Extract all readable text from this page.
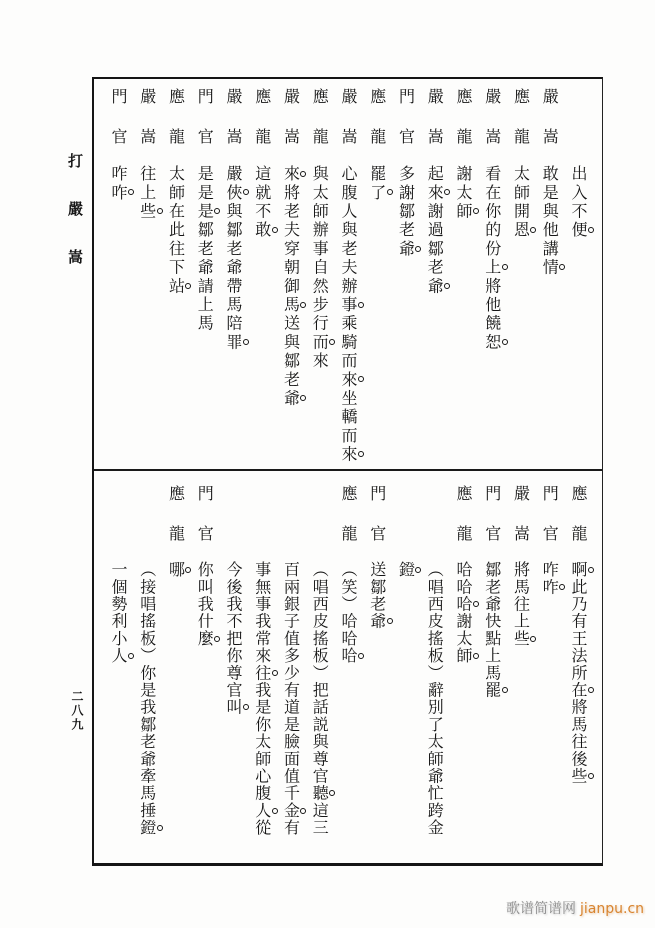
打嚴嵩
二八九
出入不便
嚴嵩
敢是與他講情
應龍
太師開恩
嚴嵩
看在你的份上將他饒恕
應龍
謝太師
嚴嵩
起來謝過鄒老爺
門官
多謝鄒老爺
應龍
罷了
嚴嵩
心腹人與老夫辦事乘騎而來坐轎而來
應龍
與太師辦事自然步行而來
嚴嵩
來將老夫穿朝御馬送與鄒老爺
應龍
這就不敢
嚴嵩
嚴俠與鄒老爺帶馬陪罪
門官
是是是鄒老爺請上馬
應龍
太師在此往下站
嚴嵩
往上些
門官
咋咋
應龍
啊此乃有王法所在將馬往後些
門官
咋咋
嚴嵩
將馬往上些
門官
鄒老爺快點上馬罷
應龍
哈哈哈謝太師
（唱西皮搖板）辭別了太師爺忙跨金
鐙
門官
送鄒老爺
應龍
（笑）哈哈哈
（唱西皮搖板）把話説與尊官聽這三
百兩銀子值多少有道是臉面值千金有
事無事我常來往我是你太師心腹人從
今後我不把你尊官叫
門官
你叫我什麼
應龍
哪
（接唱搖板）你是我鄒老爺牽馬捶鐙
一個勢利小人
歌谱简谱网 jianpu.cn
